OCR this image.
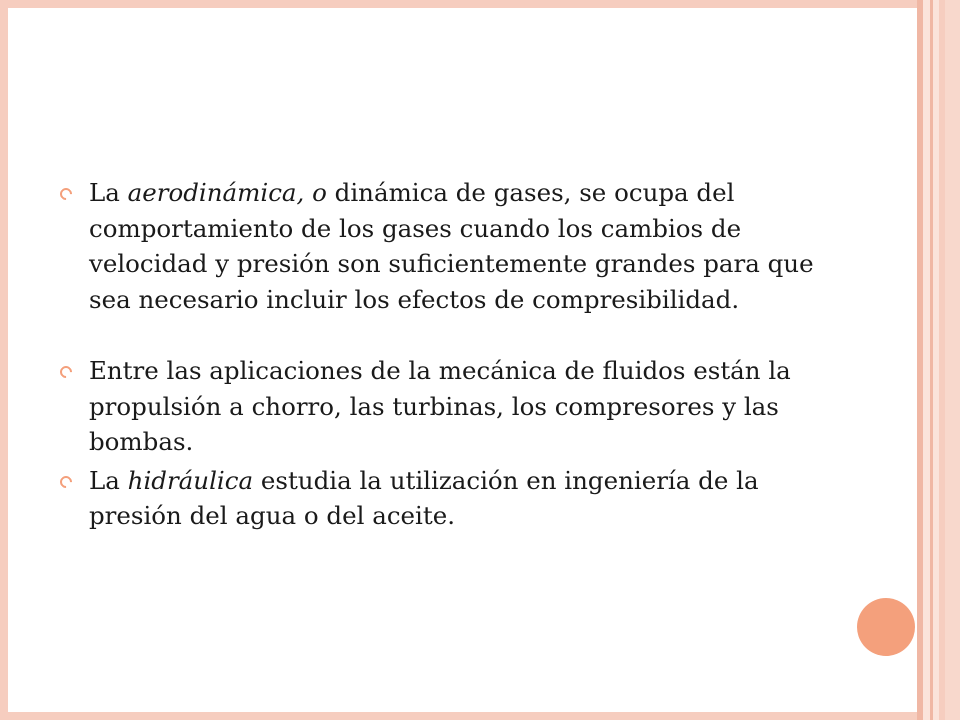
La aerodinámica, o dinámica de gases, se ocupa del comportamiento de los gases cuando los cambios de velocidad y presión son suficientemente grandes para que sea necesario incluir los efectos de compresibilidad.

Entre las aplicaciones de la mecánica de fluidos están la propulsión a chorro, las turbinas, los compresores y las bombas.

La hidráulica estudia la utilización en ingeniería de la presión del agua o del aceite.
